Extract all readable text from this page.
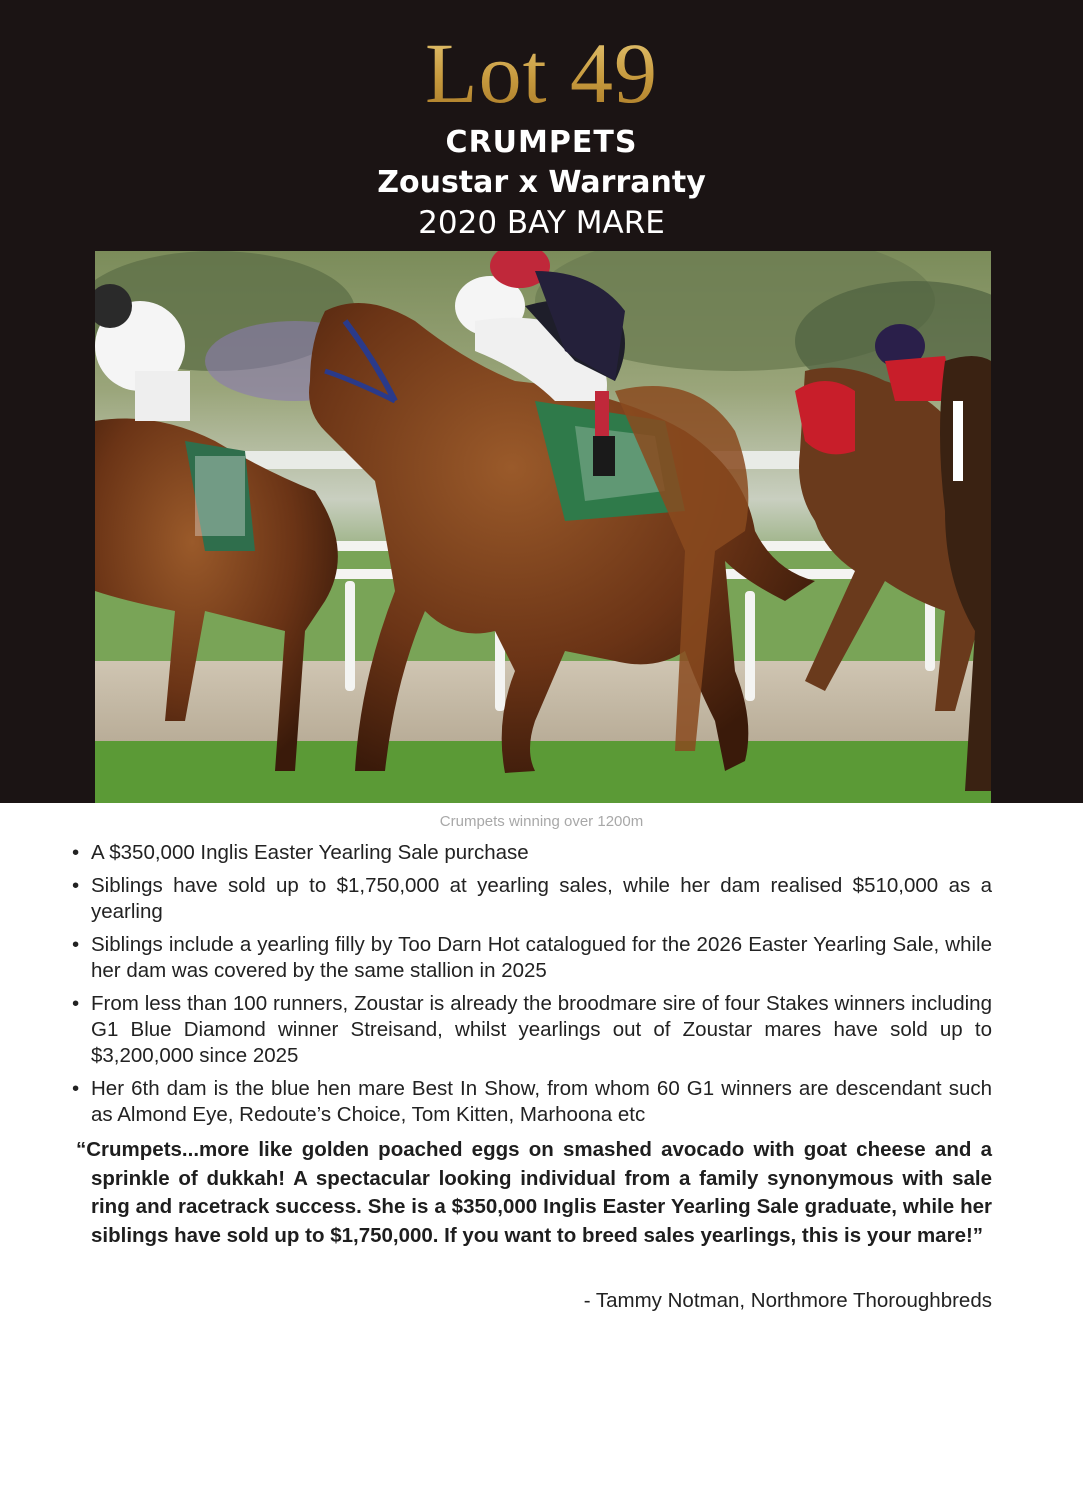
Lot 49
CRUMPETS
Zoustar x Warranty
2020 BAY MARE
Crumpets winning over 1200m
• A $350,000 Inglis Easter Yearling Sale purchase
• Siblings have sold up to $1,750,000 at yearling sales, while her dam realised $510,000 as a yearling
• Siblings include a yearling filly by Too Darn Hot catalogued for the 2026 Easter Yearling Sale, while her dam was covered by the same stallion in 2025
• From less than 100 runners, Zoustar is already the broodmare sire of four Stakes winners including G1 Blue Diamond winner Streisand, whilst yearlings out of Zoustar mares have sold up to $3,200,000 since 2025
• Her 6th dam is the blue hen mare Best In Show, from whom 60 G1 winners are descendant such as Almond Eye, Redoute’s Choice, Tom Kitten, Marhoona etc

“Crumpets...more like golden poached eggs on smashed avocado with goat cheese and a sprinkle of dukkah! A spectacular looking individual from a family synonymous with sale ring and racetrack success. She is a $350,000 Inglis Easter Yearling Sale graduate, while her siblings have sold up to $1,750,000. If you want to breed sales yearlings, this is your mare!”

- Tammy Notman, Northmore Thoroughbreds
